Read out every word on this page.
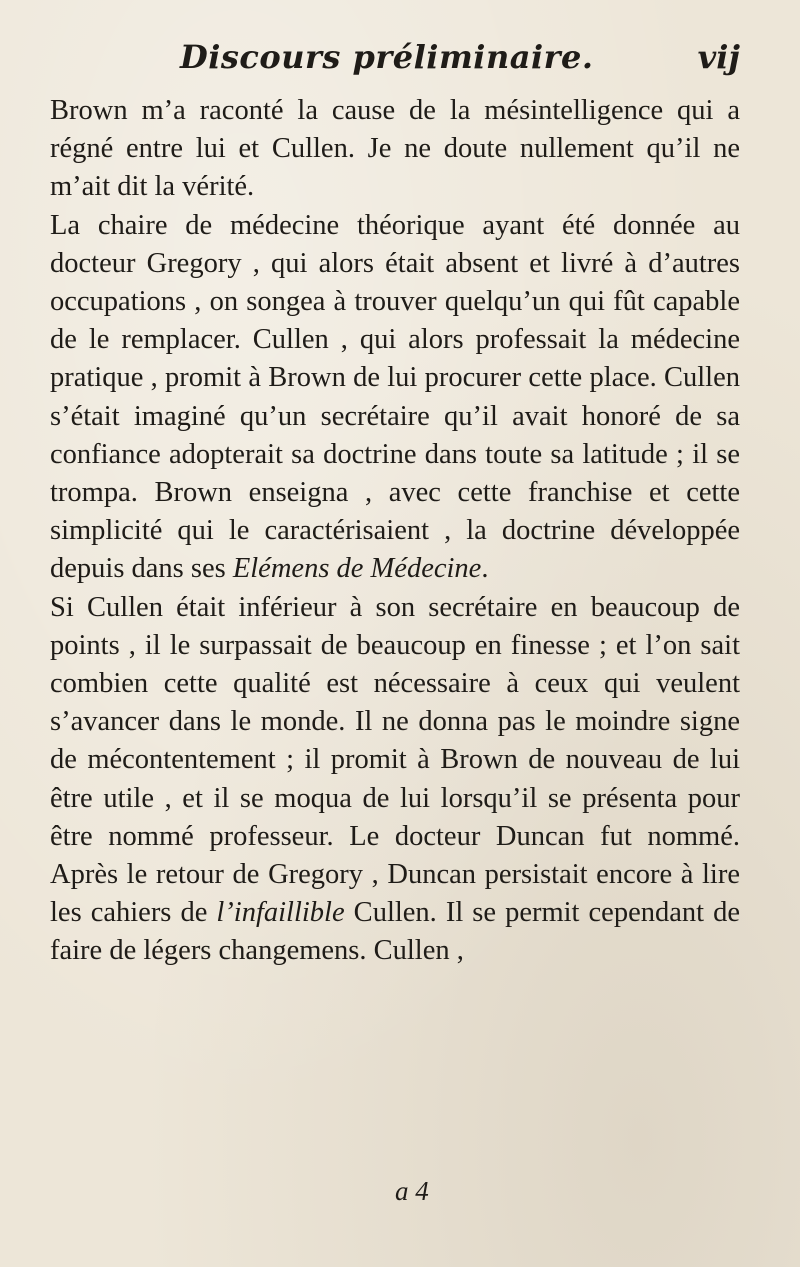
Discours préliminaire.	vij

Brown m’a raconté la cause de la mésintelligence qui a régné entre lui et Cullen. Je ne doute nullement qu’il ne m’ait dit la vérité.

La chaire de médecine théorique ayant été donnée au docteur Gregory , qui alors était absent et livré à d’autres occupations , on songea à trouver quelqu’un qui fût capable de le remplacer. Cullen , qui alors professait la médecine pratique , promit à Brown de lui procurer cette place. Cullen s’était imaginé qu’un secrétaire qu’il avait honoré de sa confiance adopterait sa doctrine dans toute sa latitude ; il se trompa. Brown enseigna , avec cette franchise et cette simplicité qui le caractérisaient , la doctrine développée depuis dans ses Elémens de Médecine.

Si Cullen était inférieur à son secrétaire en beaucoup de points , il le surpassait de beaucoup en finesse ; et l’on sait combien cette qualité est nécessaire à ceux qui veulent s’avancer dans le monde. Il ne donna pas le moindre signe de mécontentement ; il promit à Brown de nouveau de lui être utile , et il se moqua de lui lorsqu’il se présenta pour être nommé professeur. Le docteur Duncan fut nommé. Après le retour de Gregory , Duncan persistait encore à lire les cahiers de l’infaillible Cullen. Il se permit cependant de faire de légers changemens. Cullen ,

a 4
